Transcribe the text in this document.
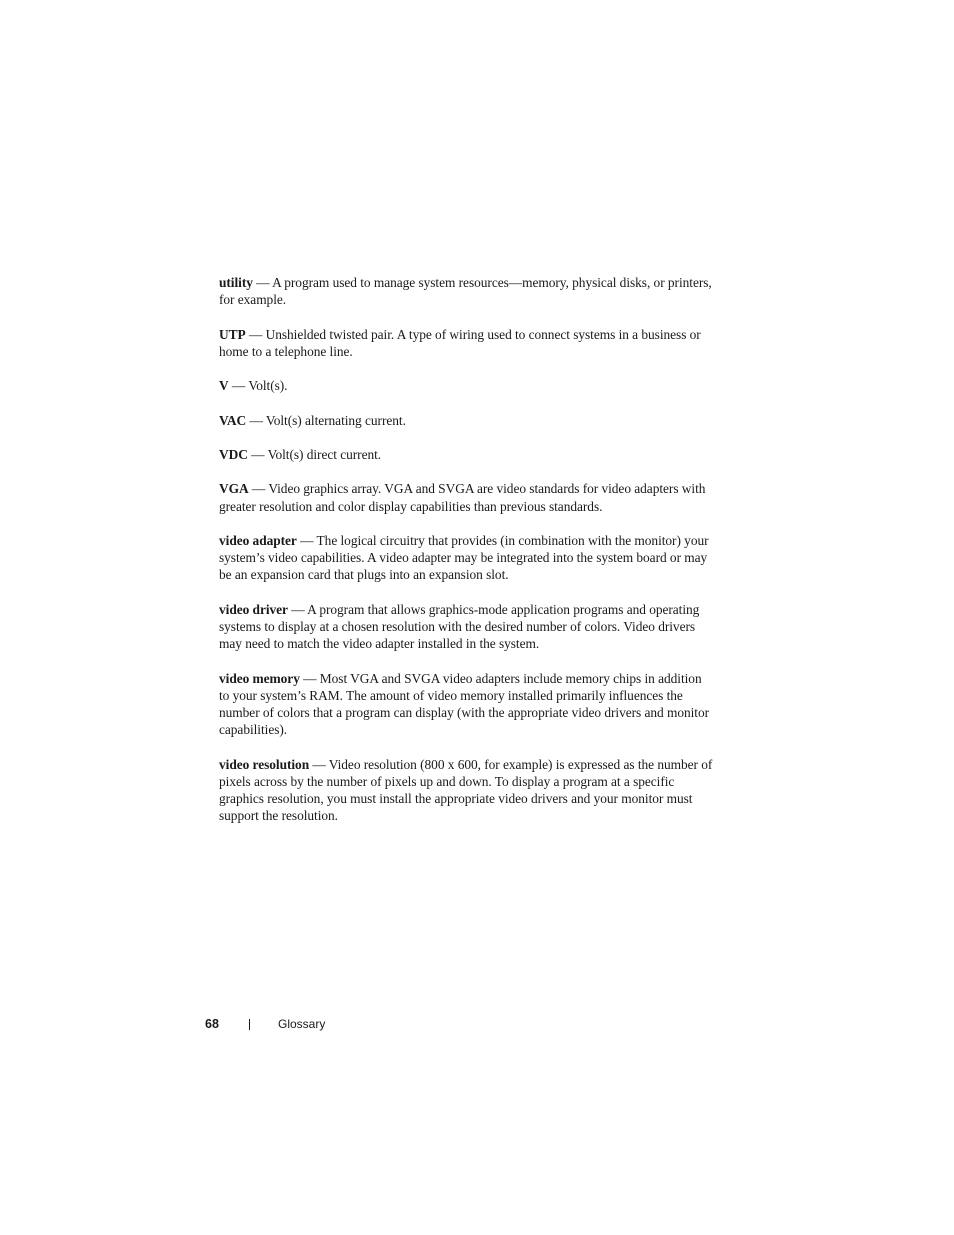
utility — A program used to manage system resources—memory, physical disks, or printers, for example.

UTP — Unshielded twisted pair. A type of wiring used to connect systems in a business or home to a telephone line.

V — Volt(s).

VAC — Volt(s) alternating current.

VDC — Volt(s) direct current.

VGA — Video graphics array. VGA and SVGA are video standards for video adapters with greater resolution and color display capabilities than previous standards.

video adapter — The logical circuitry that provides (in combination with the monitor) your system’s video capabilities. A video adapter may be integrated into the system board or may be an expansion card that plugs into an expansion slot.

video driver — A program that allows graphics-mode application programs and operating systems to display at a chosen resolution with the desired number of colors. Video drivers may need to match the video adapter installed in the system.

video memory — Most VGA and SVGA video adapters include memory chips in addition to your system’s RAM. The amount of video memory installed primarily influences the number of colors that a program can display (with the appropriate video drivers and monitor capabilities).

video resolution — Video resolution (800 x 600, for example) is expressed as the number of pixels across by the number of pixels up and down. To display a program at a specific graphics resolution, you must install the appropriate video drivers and your monitor must support the resolution.

68	Glossary
